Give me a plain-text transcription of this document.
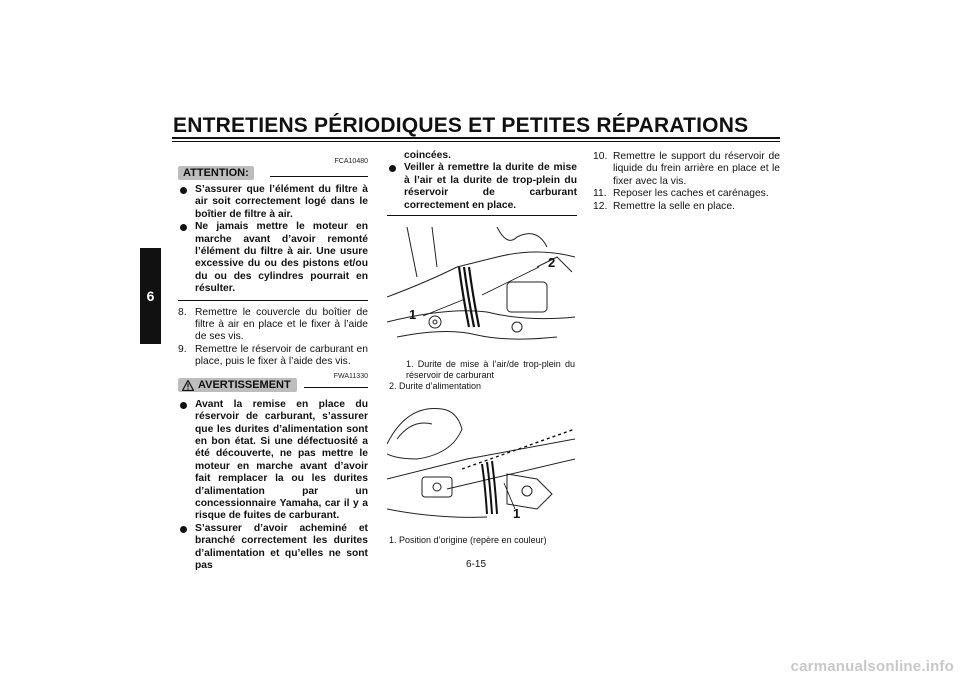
ENTRETIENS PÉRIODIQUES ET PETITES RÉPARATIONS
6
FCA10480
ATTENTION:
S’assurer que l’élément du filtre à air soit correctement logé dans le boîtier de filtre à air.
Ne jamais mettre le moteur en marche avant d’avoir remonté l’élément du filtre à air. Une usure excessive du ou des pistons et/ou du ou des cylindres pourrait en résulter.
8. Remettre le couvercle du boîtier de filtre à air en place et le fixer à l’aide de ses vis.
9. Remettre le réservoir de carburant en place, puis le fixer à l’aide des vis.
FWA11330
AVERTISSEMENT
Avant la remise en place du réservoir de carburant, s’assurer que les durites d’alimentation sont en bon état. Si une défectuosité a été découverte, ne pas mettre le moteur en marche avant d’avoir fait remplacer la ou les durites d’alimentation par un concessionnaire Yamaha, car il y a risque de fuites de carburant.
S’assurer d’avoir acheminé et branché correctement les durites d’alimentation et qu’elles ne sont pas
coincées.
Veiller à remettre la durite de mise à l’air et la durite de trop-plein du réservoir de carburant correctement en place.
1
2
1. Durite de mise à l’air/de trop-plein du réservoir de carburant
2. Durite d’alimentation
1
1. Position d’origine (repère en couleur)
10. Remettre le support du réservoir de liquide du frein arrière en place et le fixer avec la vis.
11. Reposer les caches et carénages.
12. Remettre la selle en place.
6-15
carmanualsonline.info
